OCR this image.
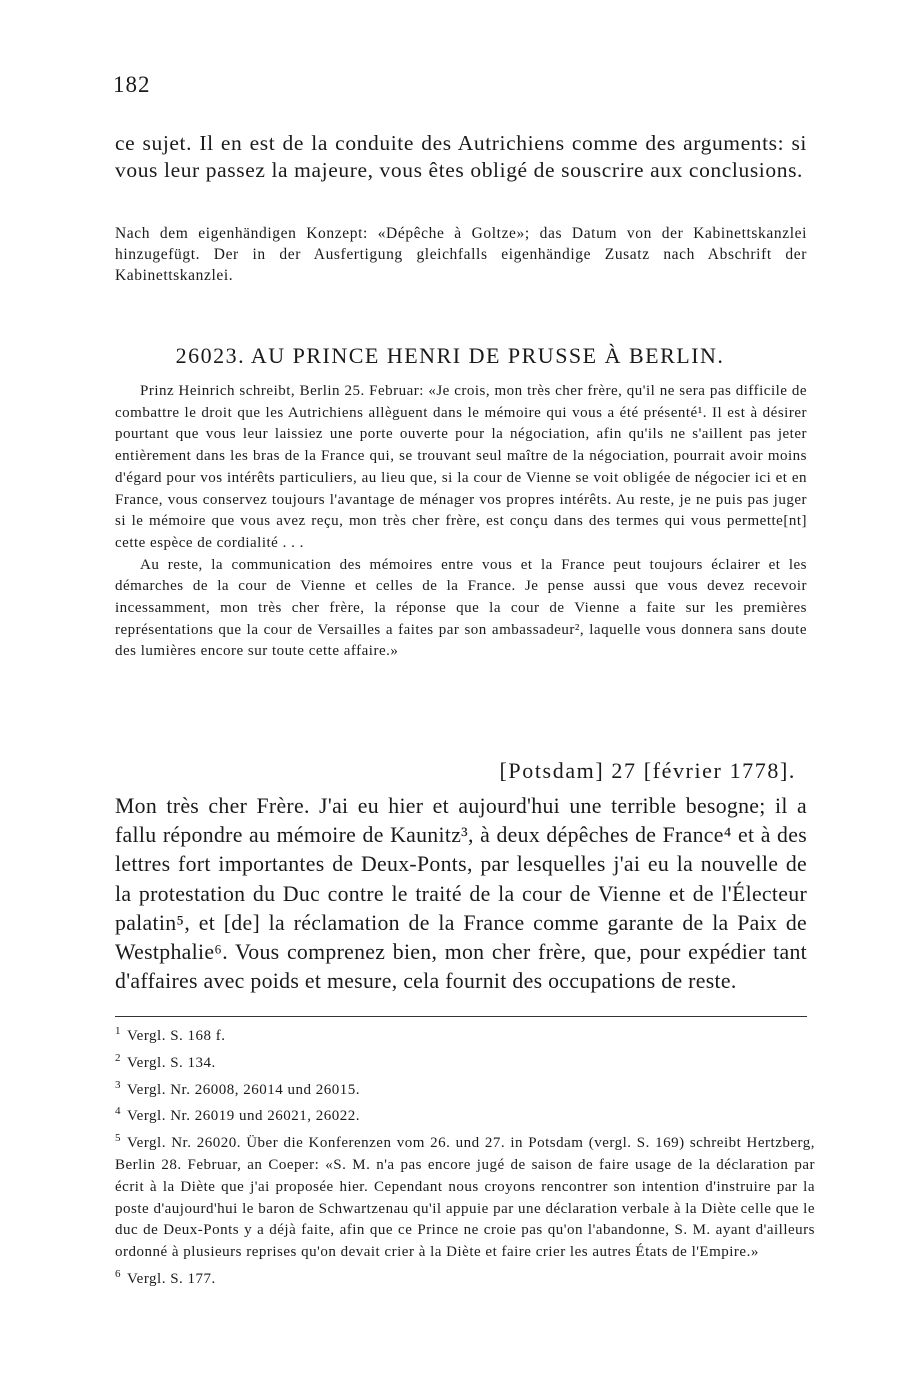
182

ce sujet. Il en est de la conduite des Autrichiens comme des arguments: si vous leur passez la majeure, vous êtes obligé de souscrire aux conclusions.

Nach dem eigenhändigen Konzept: «Dépêche à Goltze»; das Datum von der Kabinettskanzlei hinzugefügt. Der in der Ausfertigung gleichfalls eigenhändige Zusatz nach Abschrift der Kabinettskanzlei.

26023. AU PRINCE HENRI DE PRUSSE À BERLIN.

Prinz Heinrich schreibt, Berlin 25. Februar: «Je crois, mon très cher frère, qu'il ne sera pas difficile de combattre le droit que les Autrichiens allèguent dans le mémoire qui vous a été présenté¹. Il est à désirer pourtant que vous leur laissiez une porte ouverte pour la négociation, afin qu'ils ne s'aillent pas jeter entièrement dans les bras de la France qui, se trouvant seul maître de la négociation, pourrait avoir moins d'égard pour vos intérêts particuliers, au lieu que, si la cour de Vienne se voit obligée de négocier ici et en France, vous conservez toujours l'avantage de ménager vos propres intérêts. Au reste, je ne puis pas juger si le mémoire que vous avez reçu, mon très cher frère, est conçu dans des termes qui vous permette[nt] cette espèce de cordialité . . .

Au reste, la communication des mémoires entre vous et la France peut toujours éclairer et les démarches de la cour de Vienne et celles de la France. Je pense aussi que vous devez recevoir incessamment, mon très cher frère, la réponse que la cour de Vienne a faite sur les premières représentations que la cour de Versailles a faites par son ambassadeur², laquelle vous donnera sans doute des lumières encore sur toute cette affaire.»

[Potsdam] 27 [février 1778].

Mon très cher Frère. J'ai eu hier et aujourd'hui une terrible besogne; il a fallu répondre au mémoire de Kaunitz³, à deux dépêches de France⁴ et à des lettres fort importantes de Deux-Ponts, par lesquelles j'ai eu la nouvelle de la protestation du Duc contre le traité de la cour de Vienne et de l'Électeur palatin⁵, et [de] la réclamation de la France comme garante de la Paix de Westphalie⁶. Vous comprenez bien, mon cher frère, que, pour expédier tant d'affaires avec poids et mesure, cela fournit des occupations de reste.

$^1$ Vergl. S. 168 f.
$^2$ Vergl. S. 134.
$^3$ Vergl. Nr. 26008, 26014 und 26015.
$^4$ Vergl. Nr. 26019 und 26021, 26022.
$^5$ Vergl. Nr. 26020. Über die Konferenzen vom 26. und 27. in Potsdam (vergl. S. 169) schreibt Hertzberg, Berlin 28. Februar, an Coeper: «S. M. n'a pas encore jugé de saison de faire usage de la déclaration par écrit à la Diète que j'ai proposée hier. Cependant nous croyons rencontrer son intention d'instruire par la poste d'aujourd'hui le baron de Schwartzenau qu'il appuie par une déclaration verbale à la Diète celle que le duc de Deux-Ponts y a déjà faite, afin que ce Prince ne croie pas qu'on l'abandonne, S. M. ayant d'ailleurs ordonné à plusieurs reprises qu'on devait crier à la Diète et faire crier les autres États de l'Empire.»
$^6$ Vergl. S. 177.
